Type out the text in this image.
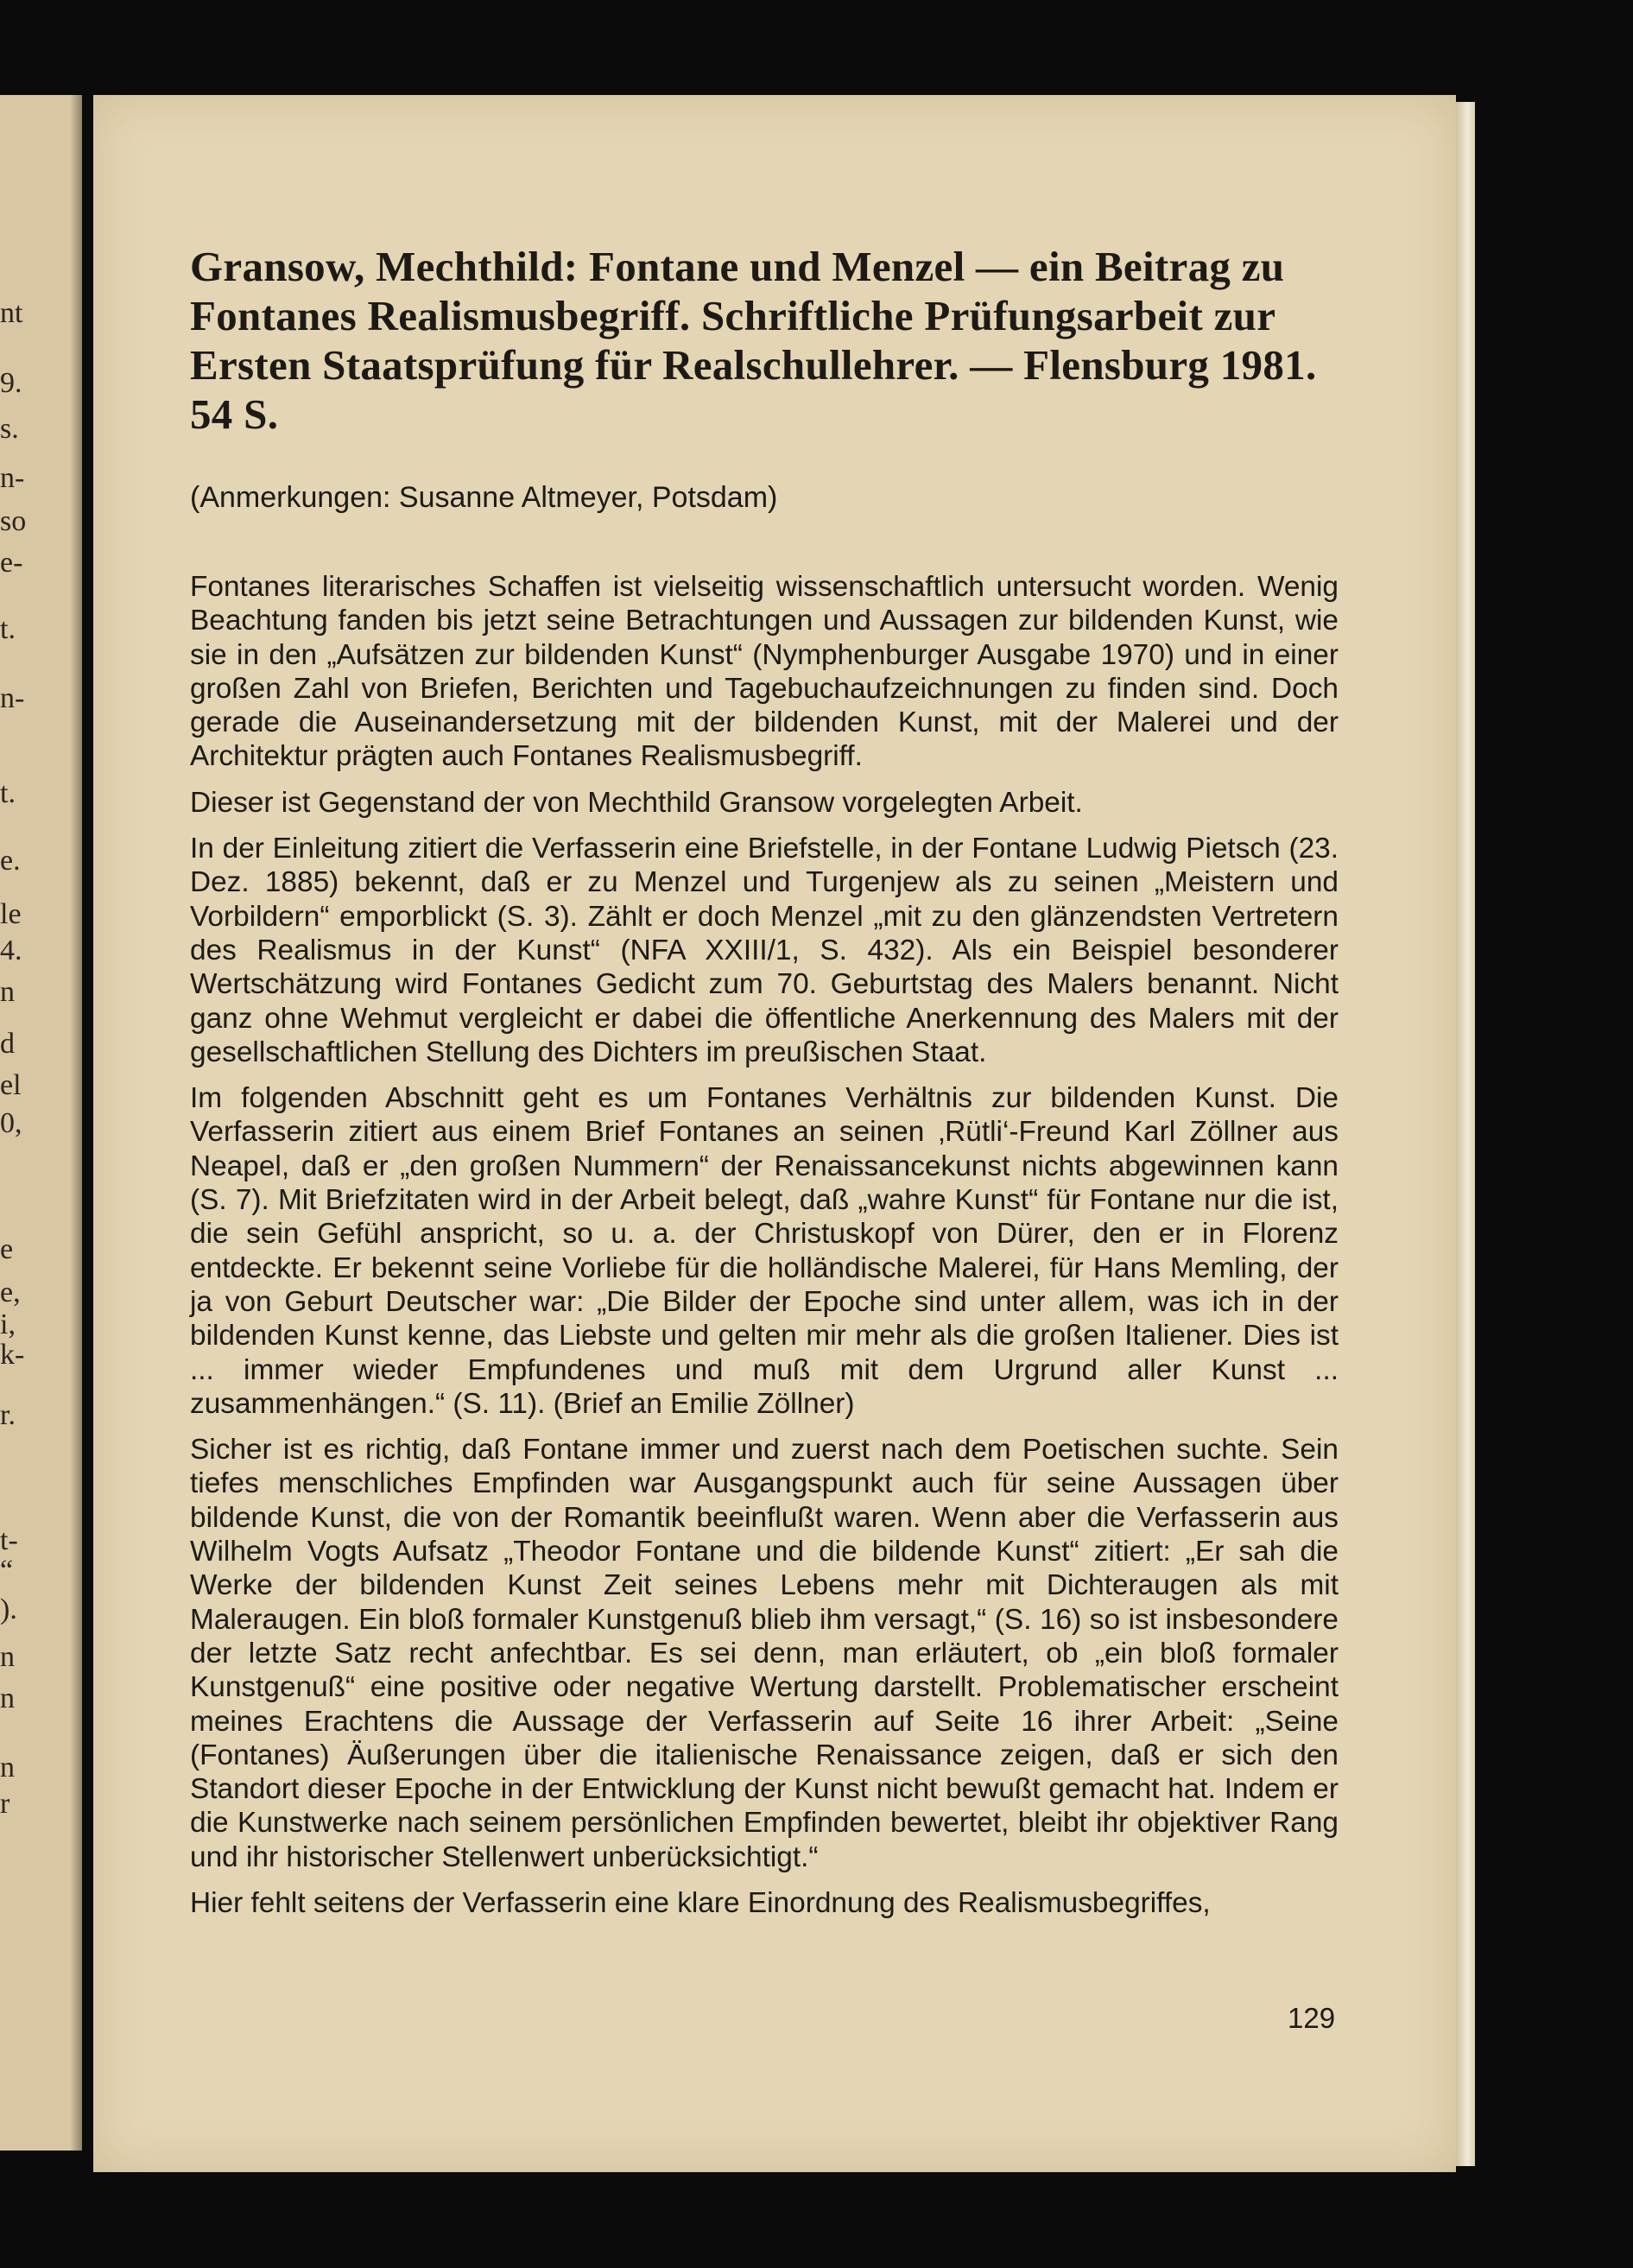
nt
9.
s.
n-
so
e-
t.
n-
t.
e.
le
4.
n
d
el
0,
e
e,
i,
k-
r.
t-
“
).
n
n
n
r
Gransow, Mechthild: Fontane und Menzel — ein Beitrag zu Fontanes Realismusbegriff. Schriftliche Prüfungsarbeit zur Ersten Staatsprüfung für Realschullehrer. — Flensburg 1981. 54 S.

(Anmerkungen: Susanne Altmeyer, Potsdam)

Fontanes literarisches Schaffen ist vielseitig wissenschaftlich untersucht worden. Wenig Beachtung fanden bis jetzt seine Betrachtungen und Aussagen zur bildenden Kunst, wie sie in den „Aufsätzen zur bildenden Kunst“ (Nymphenburger Ausgabe 1970) und in einer großen Zahl von Briefen, Berichten und Tagebuchaufzeichnungen zu finden sind. Doch gerade die Auseinandersetzung mit der bildenden Kunst, mit der Malerei und der Architektur prägten auch Fontanes Realismusbegriff.

Dieser ist Gegenstand der von Mechthild Gransow vorgelegten Arbeit.

In der Einleitung zitiert die Verfasserin eine Briefstelle, in der Fontane Ludwig Pietsch (23. Dez. 1885) bekennt, daß er zu Menzel und Turgenjew als zu seinen „Meistern und Vorbildern“ emporblickt (S. 3). Zählt er doch Menzel „mit zu den glänzendsten Vertretern des Realismus in der Kunst“ (NFA XXIII/1, S. 432). Als ein Beispiel besonderer Wertschätzung wird Fontanes Gedicht zum 70. Geburtstag des Malers benannt. Nicht ganz ohne Wehmut vergleicht er dabei die öffentliche Anerkennung des Malers mit der gesellschaftlichen Stellung des Dichters im preußischen Staat.

Im folgenden Abschnitt geht es um Fontanes Verhältnis zur bildenden Kunst. Die Verfasserin zitiert aus einem Brief Fontanes an seinen ‚Rütli‘-Freund Karl Zöllner aus Neapel, daß er „den großen Nummern“ der Renaissancekunst nichts abgewinnen kann (S. 7). Mit Briefzitaten wird in der Arbeit belegt, daß „wahre Kunst“ für Fontane nur die ist, die sein Gefühl anspricht, so u. a. der Christuskopf von Dürer, den er in Florenz entdeckte. Er bekennt seine Vorliebe für die holländische Malerei, für Hans Memling, der ja von Geburt Deutscher war: „Die Bilder der Epoche sind unter allem, was ich in der bildenden Kunst kenne, das Liebste und gelten mir mehr als die großen Italiener. Dies ist ... immer wieder Empfundenes und muß mit dem Urgrund aller Kunst ... zusammenhängen.“ (S. 11). (Brief an Emilie Zöllner)

Sicher ist es richtig, daß Fontane immer und zuerst nach dem Poetischen suchte. Sein tiefes menschliches Empfinden war Ausgangspunkt auch für seine Aussagen über bildende Kunst, die von der Romantik beeinflußt waren. Wenn aber die Verfasserin aus Wilhelm Vogts Aufsatz „Theodor Fontane und die bildende Kunst“ zitiert: „Er sah die Werke der bildenden Kunst Zeit seines Lebens mehr mit Dichteraugen als mit Maleraugen. Ein bloß formaler Kunstgenuß blieb ihm versagt,“ (S. 16) so ist insbesondere der letzte Satz recht anfechtbar. Es sei denn, man erläutert, ob „ein bloß formaler Kunstgenuß“ eine positive oder negative Wertung darstellt. Problematischer erscheint meines Erachtens die Aussage der Verfasserin auf Seite 16 ihrer Arbeit: „Seine (Fontanes) Äußerungen über die italienische Renaissance zeigen, daß er sich den Standort dieser Epoche in der Entwicklung der Kunst nicht bewußt gemacht hat. Indem er die Kunstwerke nach seinem persönlichen Empfinden bewertet, bleibt ihr objektiver Rang und ihr historischer Stellenwert unberücksichtigt.“

Hier fehlt seitens der Verfasserin eine klare Einordnung des Realismusbegriffes,

129
